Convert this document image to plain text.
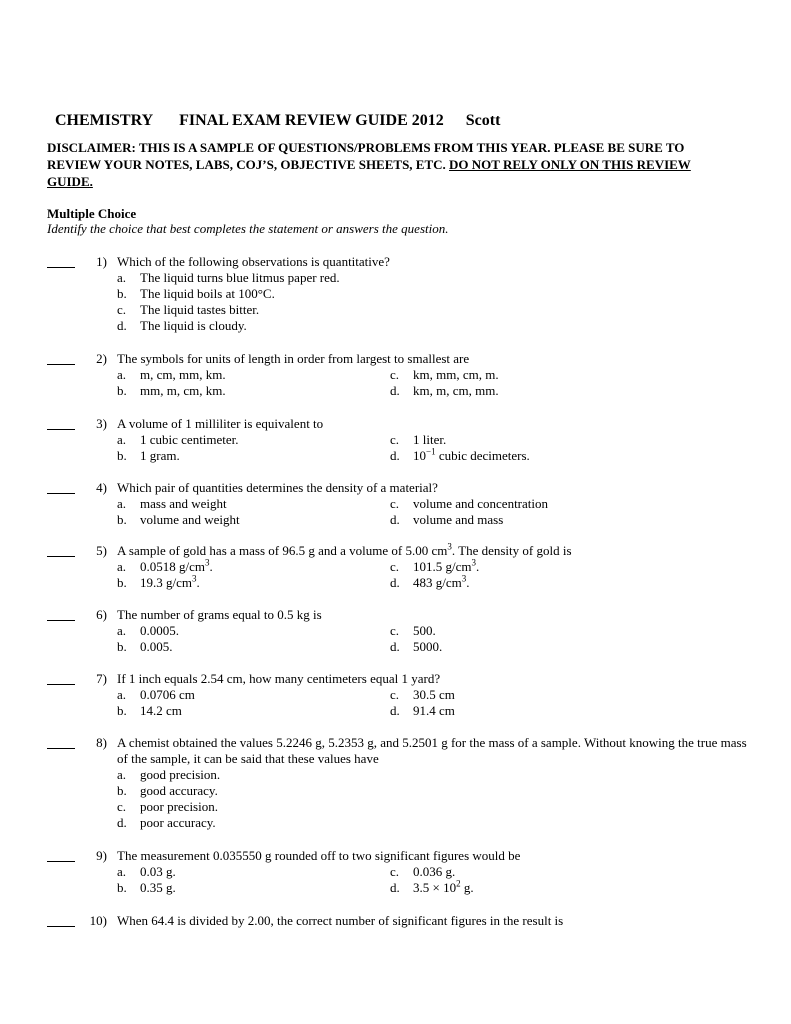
CHEMISTRY FINAL EXAM REVIEW GUIDE 2012 Scott

DISCLAIMER: THIS IS A SAMPLE OF QUESTIONS/PROBLEMS FROM THIS YEAR. PLEASE BE SURE TO REVIEW YOUR NOTES, LABS, COJ’S, OBJECTIVE SHEETS, ETC. DO NOT RELY ONLY ON THIS REVIEW GUIDE.
Multiple Choice
Identify the choice that best completes the statement or answers the question.
1) Which of the following observations is quantitative?
a.	The liquid turns blue litmus paper red.
b.	The liquid boils at 100°C.
c.	The liquid tastes bitter.
d.	The liquid is cloudy.
2) The symbols for units of length in order from largest to smallest are
a.	m, cm, mm, km.
b.	mm, m, cm, km.
c.	km, mm, cm, m.
d.	km, m, cm, mm.
3) A volume of 1 milliliter is equivalent to
a.	1 cubic centimeter.
b.	1 gram.
c.	1 liter.
d.	$10^{-1}$ cubic decimeters.
4) Which pair of quantities determines the density of a material?
a.	mass and weight
b.	volume and weight
c.	volume and concentration
d.	volume and mass
5) A sample of gold has a mass of 96.5 g and a volume of 5.00 $cm^3$. The density of gold is
a.	0.0518 $g/cm^3$.
b.	19.3 $g/cm^3$.
c.	101.5 $g/cm^3$.
d.	483 $g/cm^3$.
6) The number of grams equal to 0.5 kg is
a.	0.0005.
b.	0.005.
c.	500.
d.	5000.
7) If 1 inch equals 2.54 cm, how many centimeters equal 1 yard?
a.	0.0706 cm
b.	14.2 cm
c.	30.5 cm
d.	91.4 cm
8) A chemist obtained the values 5.2246 g, 5.2353 g, and 5.2501 g for the mass of a sample. Without knowing the true mass of the sample, it can be said that these values have
a.	good precision.
b.	good accuracy.
c.	poor precision.
d.	poor accuracy.
9) The measurement 0.035550 g rounded off to two significant figures would be
a.	0.03 g.
b.	0.35 g.
c.	0.036 g.
d.	$3.5 \times 10^2$ g.
10) When 64.4 is divided by 2.00, the correct number of significant figures in the result is
